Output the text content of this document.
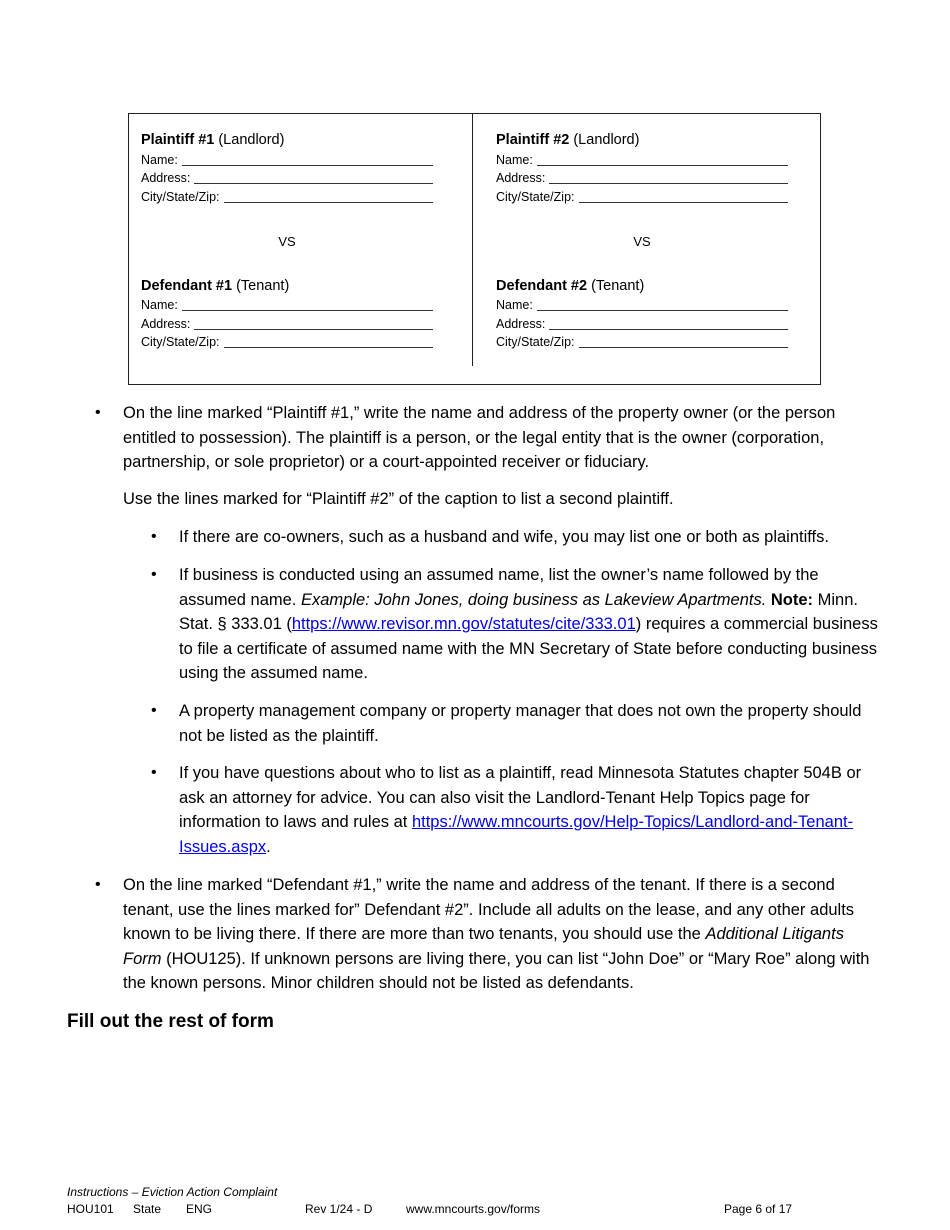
Plaintiff #1 (Landlord)
Name:
Address:
City/State/Zip:
VS
Defendant #1 (Tenant)
Name:
Address:
City/State/Zip:
Plaintiff #2 (Landlord)
Name:
Address:
City/State/Zip:
VS
Defendant #2 (Tenant)
Name:
Address:
City/State/Zip:
• On the line marked “Plaintiff #1,” write the name and address of the property owner (or the person entitled to possession). The plaintiff is a person, or the legal entity that is the owner (corporation, partnership, or sole proprietor) or a court-appointed receiver or fiduciary.

Use the lines marked for “Plaintiff #2” of the caption to list a second plaintiff.

• If there are co-owners, such as a husband and wife, you may list one or both as plaintiffs.
• If business is conducted using an assumed name, list the owner’s name followed by the assumed name. Example: John Jones, doing business as Lakeview Apartments. Note: Minn. Stat. § 333.01 (https://www.revisor.mn.gov/statutes/cite/333.01) requires a commercial business to file a certificate of assumed name with the MN Secretary of State before conducting business using the assumed name.
• A property management company or property manager that does not own the property should not be listed as the plaintiff.
• If you have questions about who to list as a plaintiff, read Minnesota Statutes chapter 504B or ask an attorney for advice. You can also visit the Landlord-Tenant Help Topics page for information to laws and rules at https://www.mncourts.gov/Help-Topics/Landlord-and-Tenant-Issues.aspx.
• On the line marked “Defendant #1,” write the name and address of the tenant. If there is a second tenant, use the lines marked for” Defendant #2”. Include all adults on the lease, and any other adults known to be living there. If there are more than two tenants, you should use the Additional Litigants Form (HOU125). If unknown persons are living there, you can list “John Doe” or “Mary Roe” along with the known persons. Minor children should not be listed as defendants.
Fill out the rest of form
Instructions – Eviction Action Complaint
HOU101 State ENG	Rev 1/24 - D	www.mncourts.gov/forms	Page 6 of 17
